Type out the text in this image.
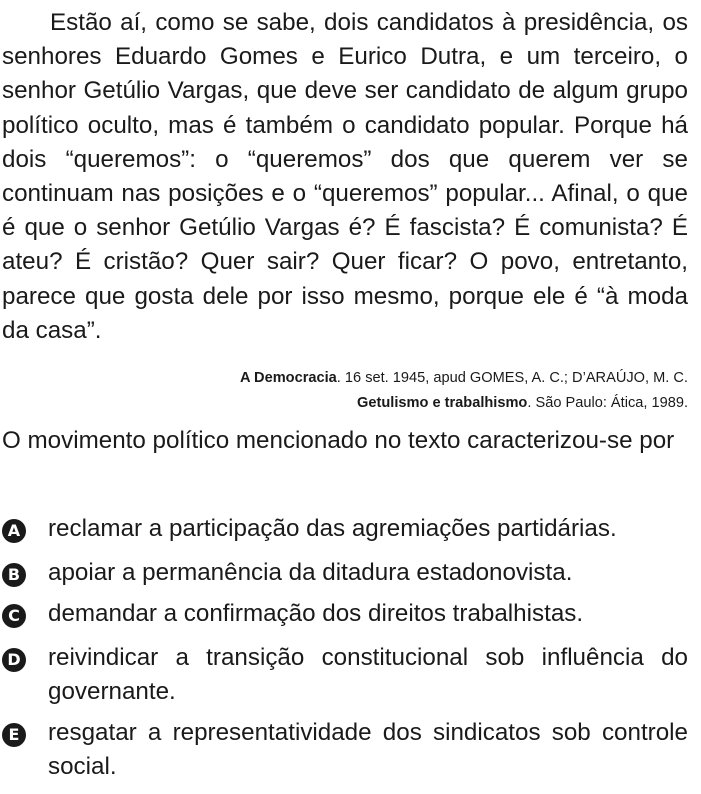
Estão aí, como se sabe, dois candidatos à presidência, os senhores Eduardo Gomes e Eurico Dutra, e um terceiro, o senhor Getúlio Vargas, que deve ser candidato de algum grupo político oculto, mas é também o candidato popular. Porque há dois “queremos”: o “queremos” dos que querem ver se continuam nas posições e o “queremos” popular... Afinal, o que é que o senhor Getúlio Vargas é? É fascista? É comunista? É ateu? É cristão? Quer sair? Quer ficar? O povo, entretanto, parece que gosta dele por isso mesmo, porque ele é “à moda da casa”.
A Democracia. 16 set. 1945, apud GOMES, A. C.; D’ARAÚJO, M. C.
Getulismo e trabalhismo. São Paulo: Ática, 1989.

O movimento político mencionado no texto caracterizou-se por

A reclamar a participação das agremiações partidárias.
B apoiar a permanência da ditadura estadonovista.
C demandar a confirmação dos direitos trabalhistas.
D reivindicar a transição constitucional sob influência do governante.
E resgatar a representatividade dos sindicatos sob controle social.
